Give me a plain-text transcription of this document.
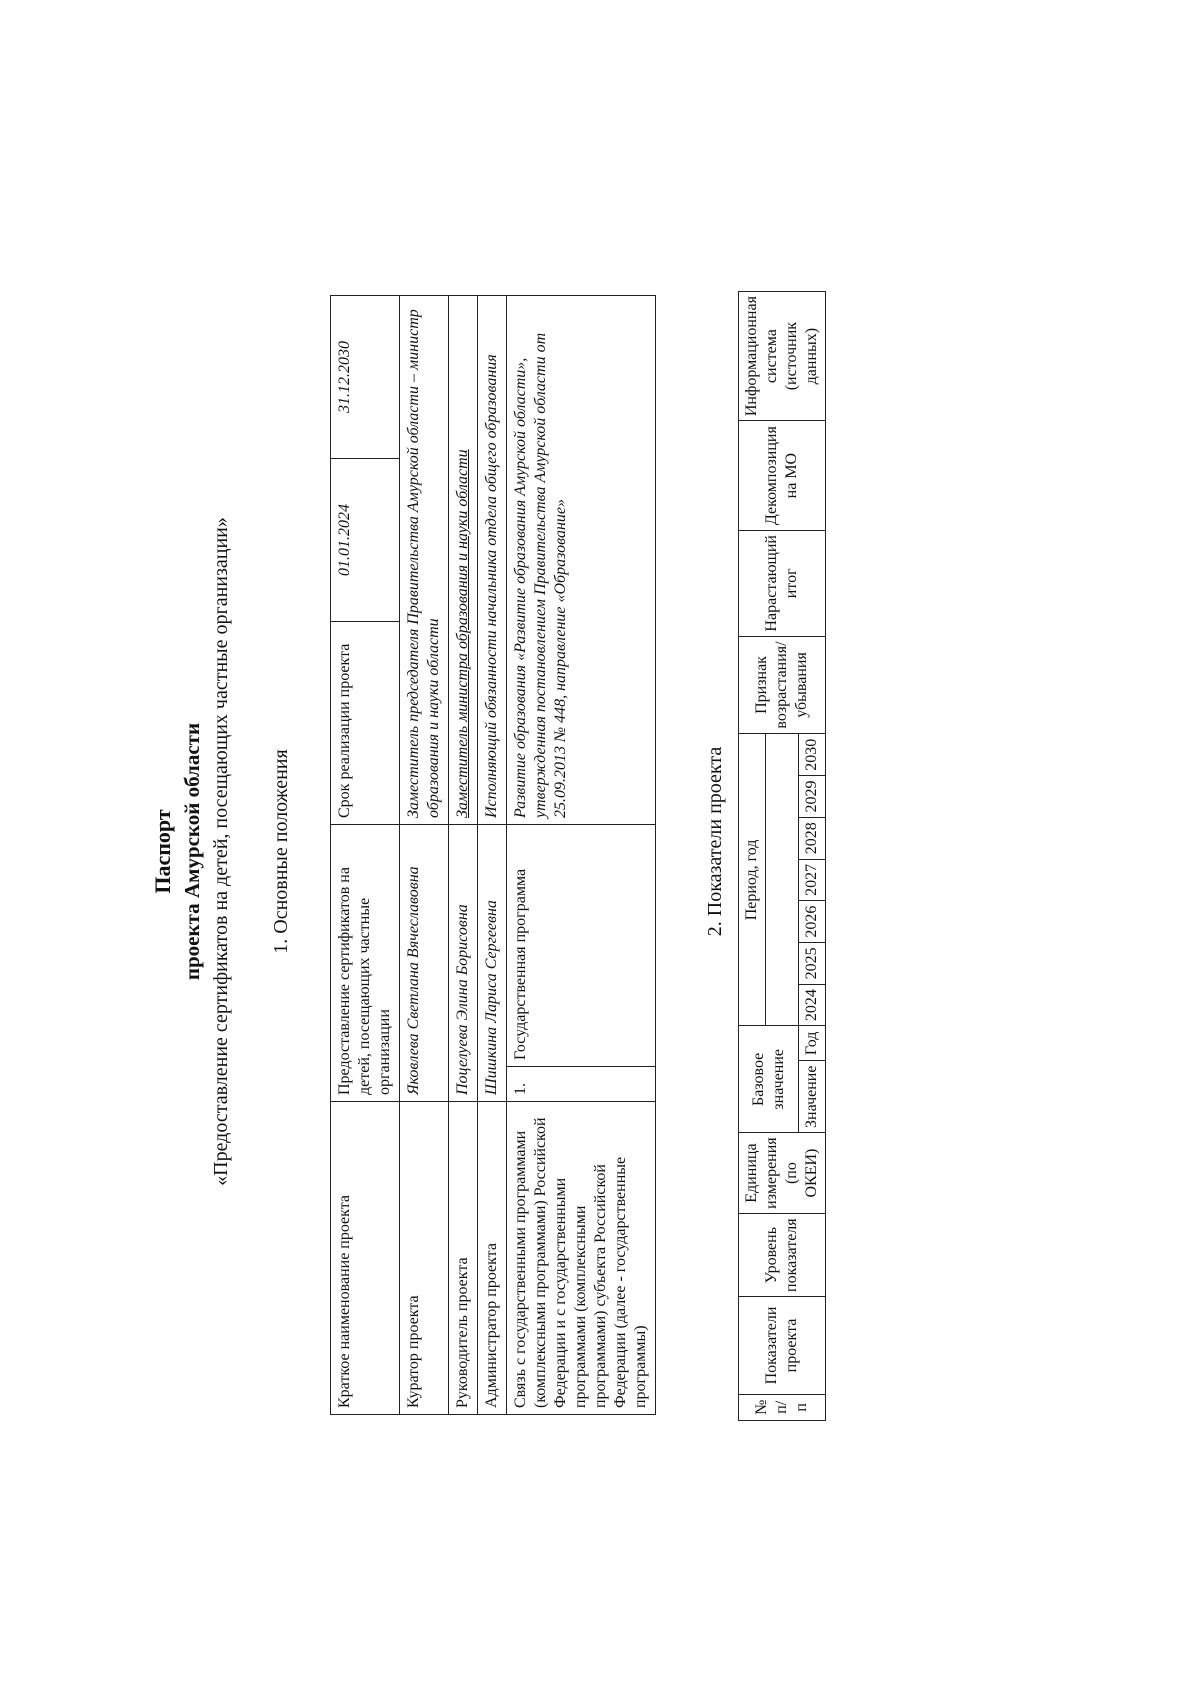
Паспорт проекта Амурской области «Предоставление сертификатов на детей, посещающих частные организации» 1. Основные положения
Краткое наименование проекта	Предоставление сертификатов на детей, посещающих частные организации		Срок реализации проекта	01.01.2024	31.12.2030
Куратор проекта	Яковлева Светлана Вячеславовна		Заместитель председателя Правительства Амурской области – министр образования и науки области		
Руководитель проекта	Поцелуева Элина Борисовна		Заместитель министра образования и науки области		
Администратор проекта	Шишкина Лариса Сергеевна		Исполняющий обязанности начальника отдела общего образования		
Связь с государственными программами (комплексными программами) Российской Федерации и с государственными программами (комплексными программами) субъекта Российской Федерации (далее - государственные программы)	1.	Государственная программа	Развитие образования «Развитие образования Амурской области», утвержденная постановлением Правительства Амурской области от 25.09.2013 № 448, направление «Образование»		
2. Показатели проекта
№ п/п	Показатели проекта	Уровень показателя	Единица измерения (по ОКЕИ)	Базовое значение		Период, год							Признак возрастания/ убывания	Нарастающий итог	Декомпозиция на МО	Информационная система (источник данных)

				Значение	Год	2024	2025	2026	2027	2028	2029	2030				
